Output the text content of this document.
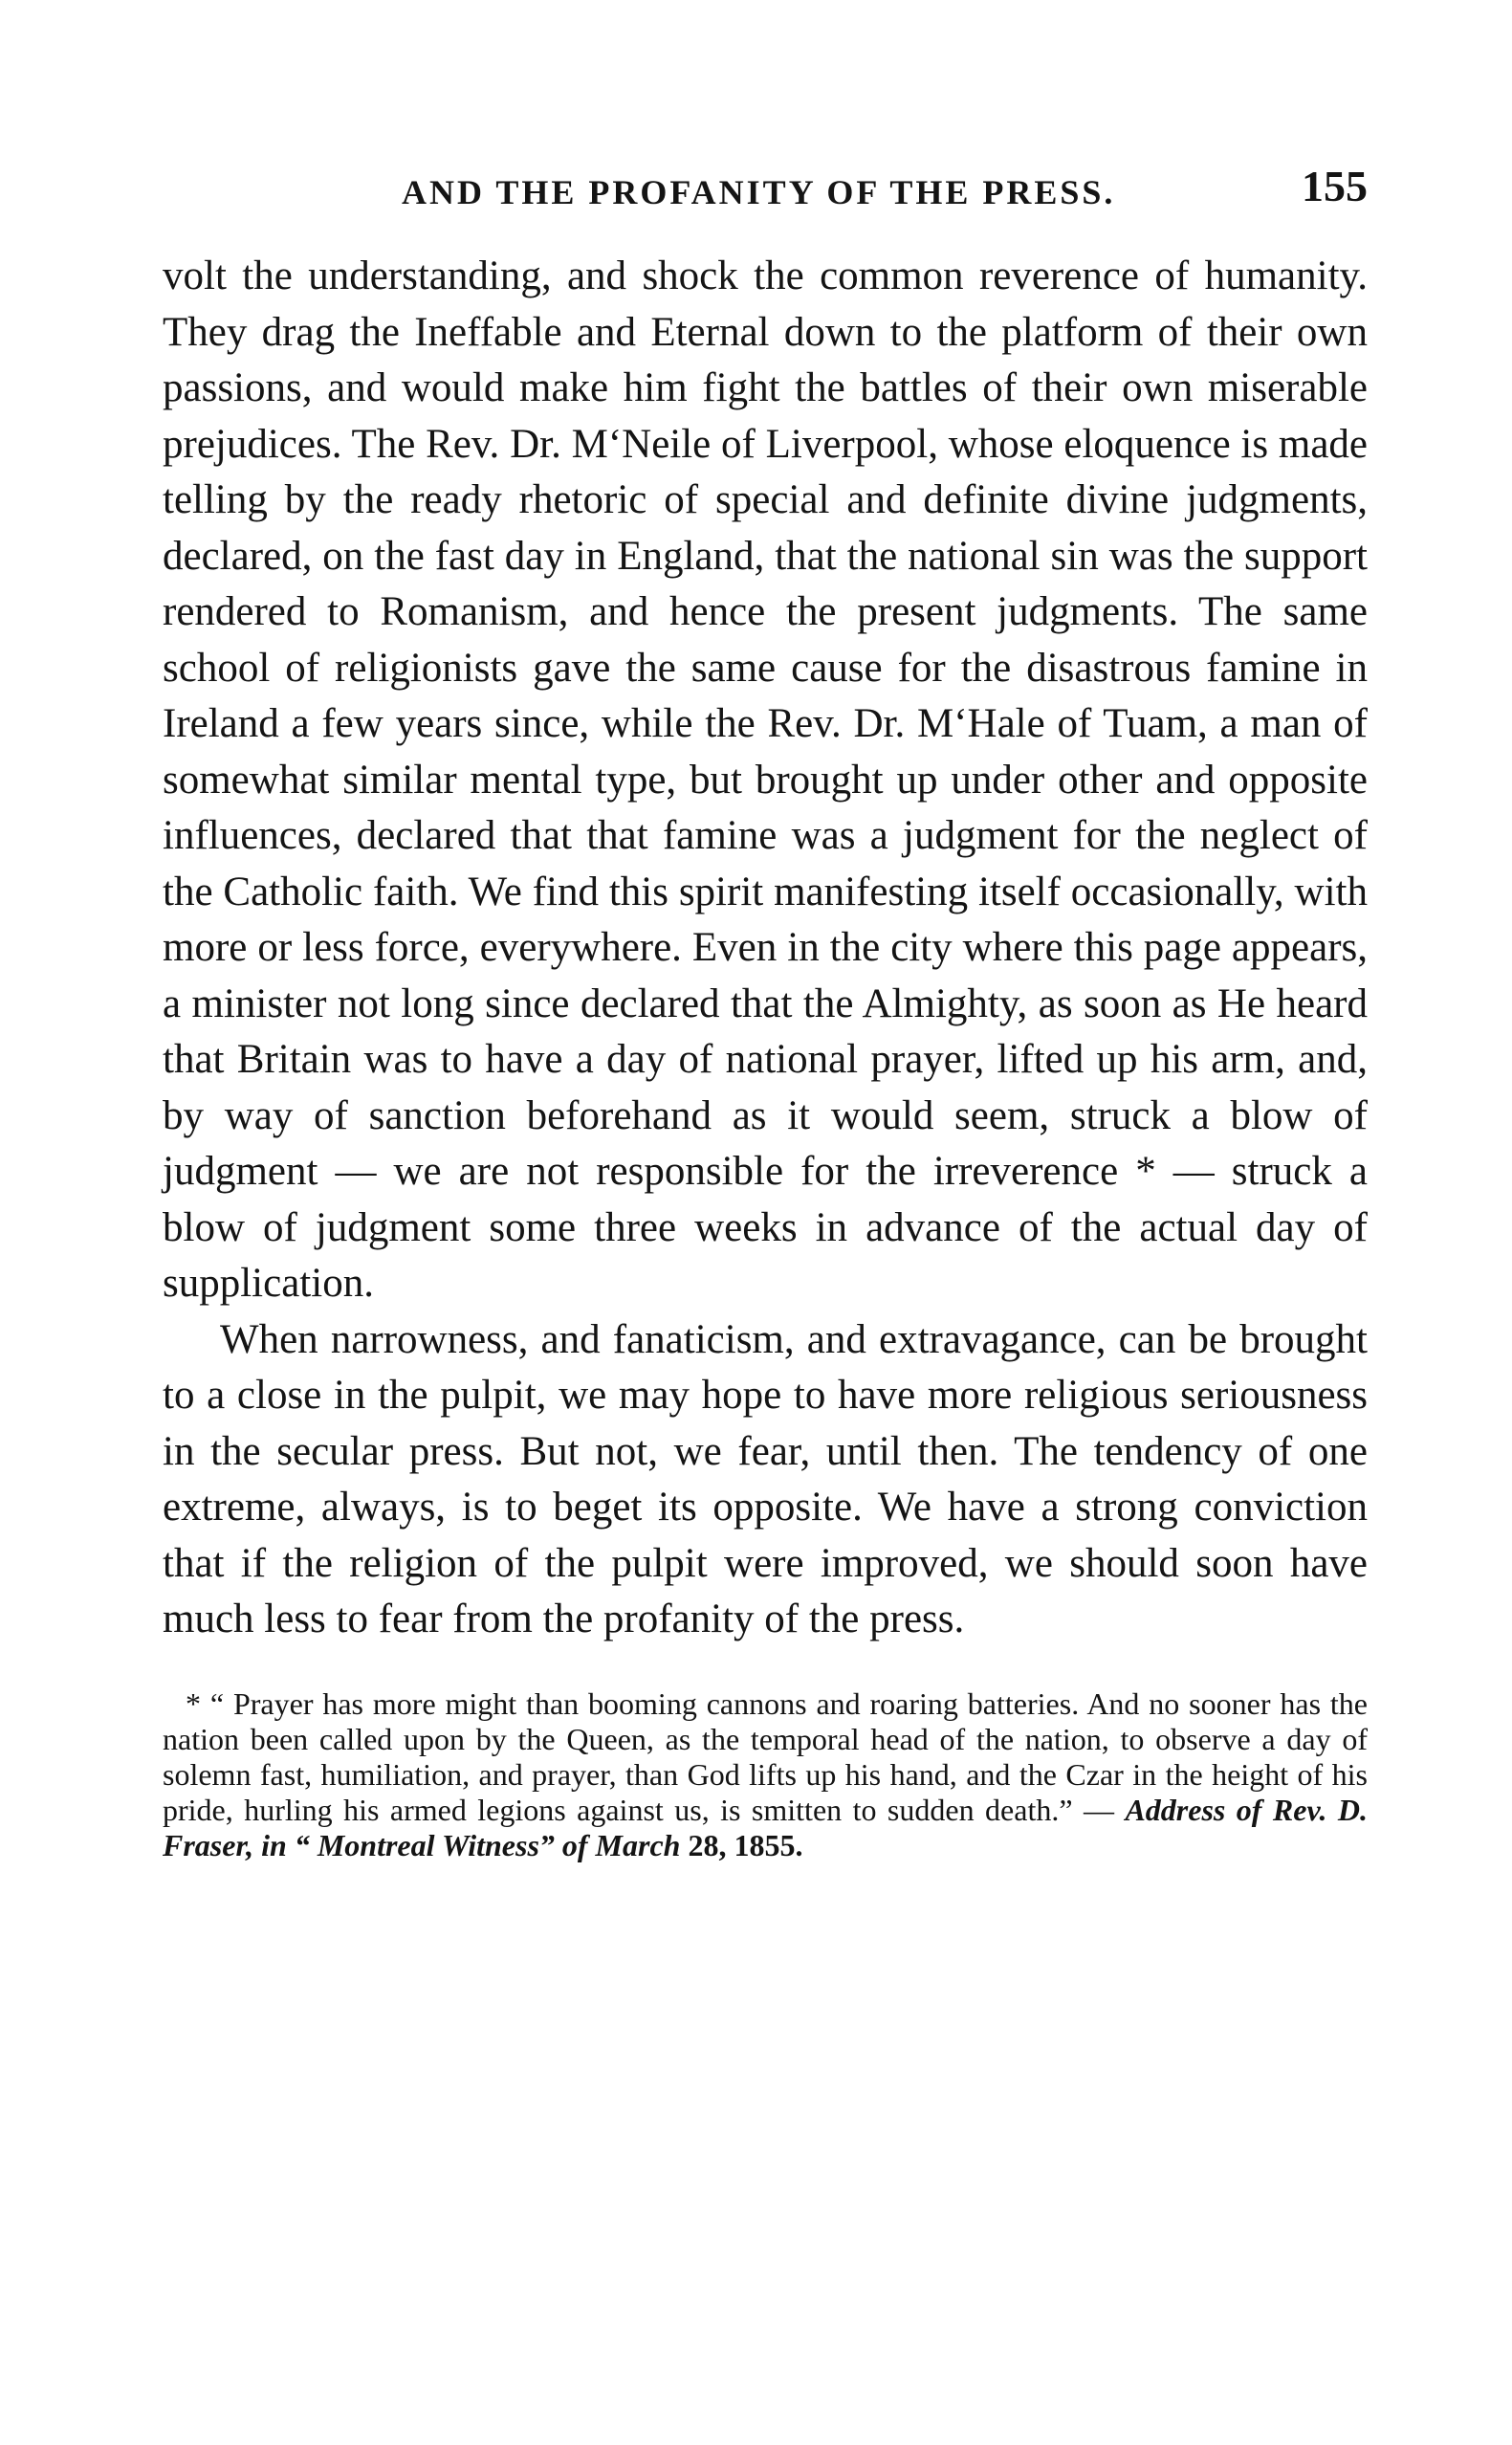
AND THE PROFANITY OF THE PRESS.	155

volt the understanding, and shock the common reverence of humanity. They drag the Ineffable and Eternal down to the platform of their own passions, and would make him fight the battles of their own miserable prejudices. The Rev. Dr. M‘Neile of Liverpool, whose eloquence is made telling by the ready rhetoric of special and definite divine judgments, declared, on the fast day in England, that the national sin was the support rendered to Romanism, and hence the present judgments. The same school of religionists gave the same cause for the disastrous famine in Ireland a few years since, while the Rev. Dr. M‘Hale of Tuam, a man of somewhat similar mental type, but brought up under other and opposite influences, declared that that famine was a judgment for the neglect of the Catholic faith. We find this spirit manifesting itself occasionally, with more or less force, everywhere. Even in the city where this page appears, a minister not long since declared that the Almighty, as soon as He heard that Britain was to have a day of national prayer, lifted up his arm, and, by way of sanction beforehand as it would seem, struck a blow of judgment — we are not responsible for the irreverence * — struck a blow of judgment some three weeks in advance of the actual day of supplication.

When narrowness, and fanaticism, and extravagance, can be brought to a close in the pulpit, we may hope to have more religious seriousness in the secular press. But not, we fear, until then. The tendency of one extreme, always, is to beget its opposite. We have a strong conviction that if the religion of the pulpit were improved, we should soon have much less to fear from the profanity of the press.

* “ Prayer has more might than booming cannons and roaring batteries. And no sooner has the nation been called upon by the Queen, as the temporal head of the nation, to observe a day of solemn fast, humiliation, and prayer, than God lifts up his hand, and the Czar in the height of his pride, hurling his armed legions against us, is smitten to sudden death.” — Address of Rev. D. Fraser, in “ Montreal Witness” of March 28, 1855.
